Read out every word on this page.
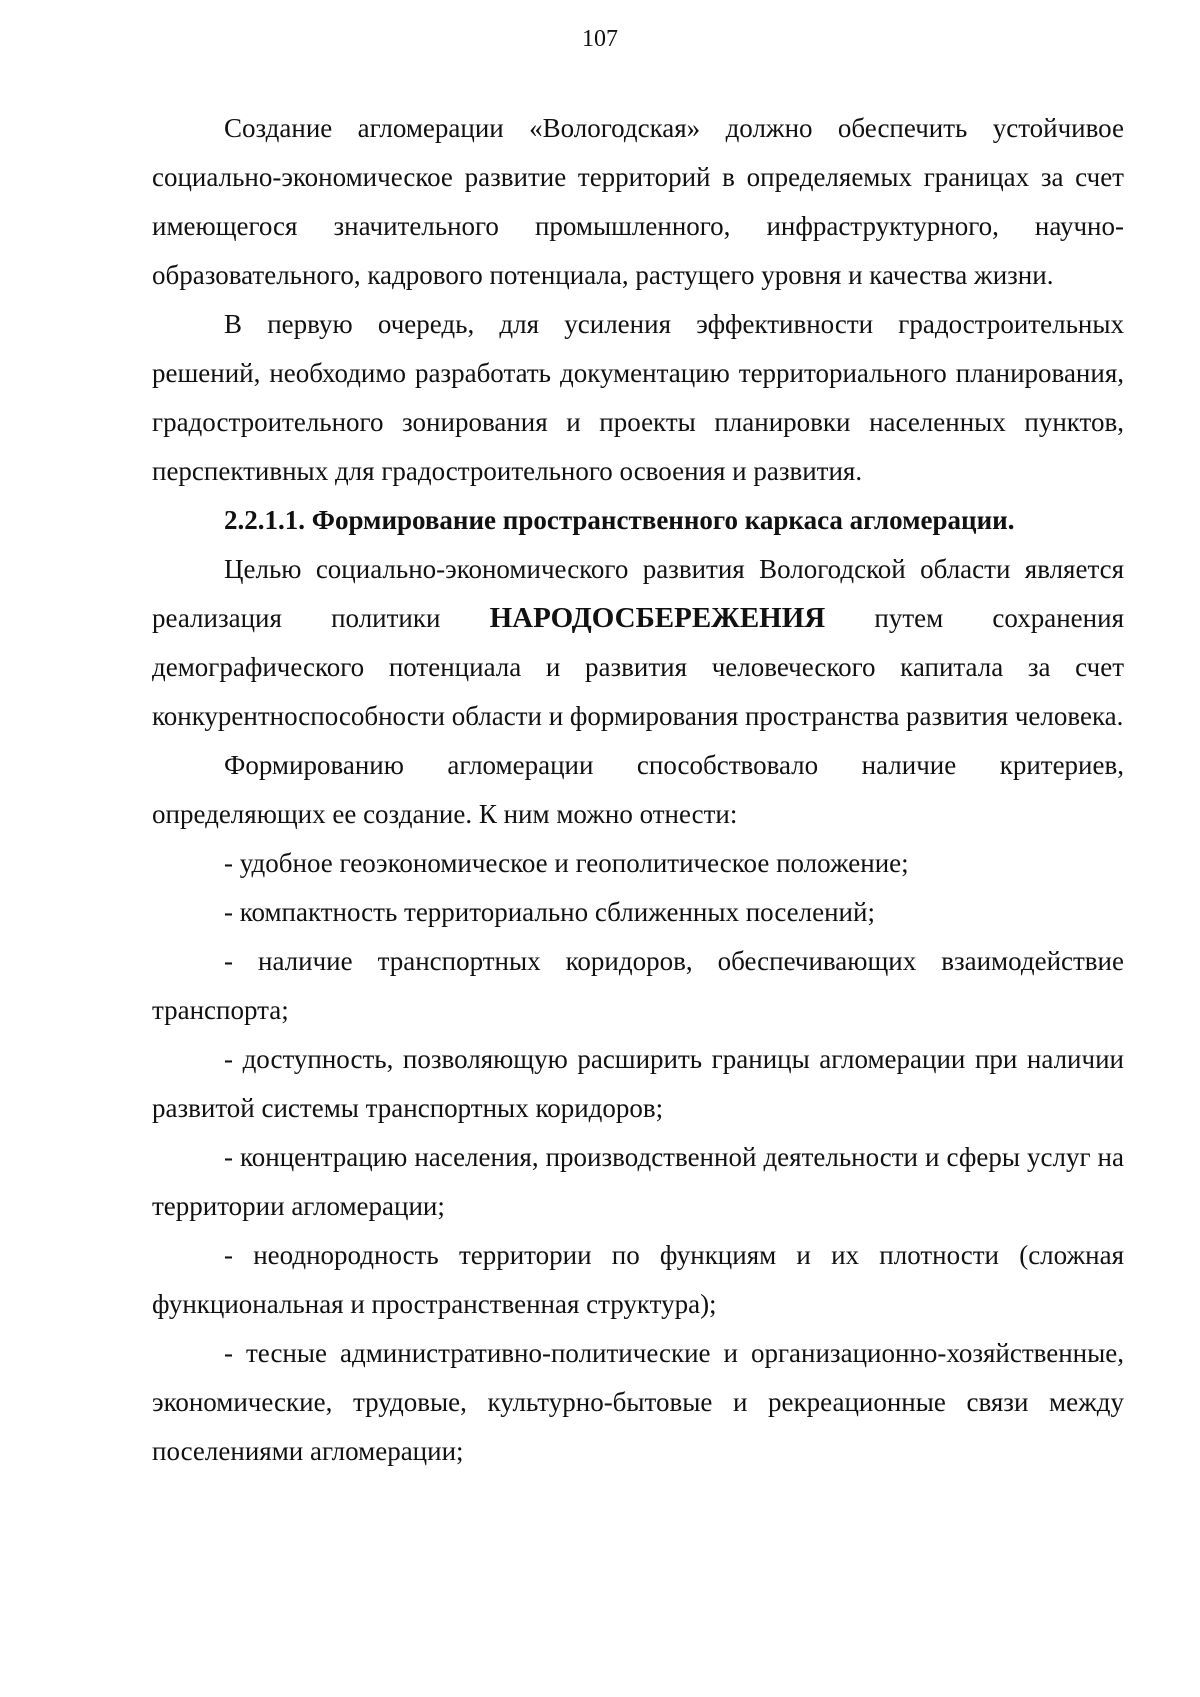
107

Создание агломерации «Вологодская» должно обеспечить устойчивое социально-экономическое развитие территорий в определяемых границах за счет имеющегося значительного промышленного, инфраструктурного, научно-образовательного, кадрового потенциала, растущего уровня и качества жизни.

В первую очередь, для усиления эффективности градостроительных решений, необходимо разработать документацию территориального планирования, градостроительного зонирования и проекты планировки населенных пунктов, перспективных для градостроительного освоения и развития.

2.2.1.1. Формирование пространственного каркаса агломерации.

Целью социально-экономического развития Вологодской области является реализация политики НАРОДОСБЕРЕЖЕНИЯ путем сохранения демографического потенциала и развития человеческого капитала за счет конкурентноспособности области и формирования пространства развития человека.

Формированию агломерации способствовало наличие критериев, определяющих ее создание. К ним можно отнести:

- удобное геоэкономическое и геополитическое положение;

- компактность территориально сближенных поселений;

- наличие транспортных коридоров, обеспечивающих взаимодействие транспорта;

- доступность, позволяющую расширить границы агломерации при наличии развитой системы транспортных коридоров;

- концентрацию населения, производственной деятельности и сферы услуг на территории агломерации;

- неоднородность территории по функциям и их плотности (сложная функциональная и пространственная структура);

- тесные административно-политические и организационно-хозяйственные, экономические, трудовые, культурно-бытовые и рекреационные связи между поселениями агломерации;
